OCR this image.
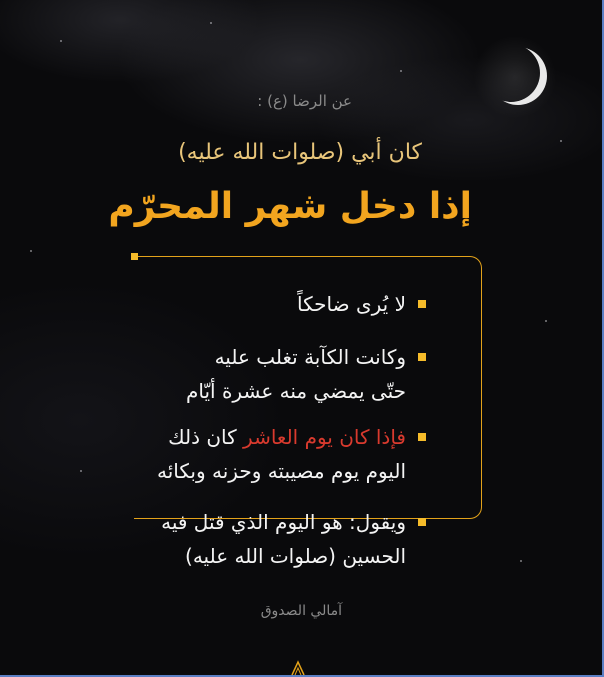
عن الرضا (ع) :
كان أبي (صلوات الله عليه)
إذا دخل شهر المحرّم
لا يُرى ضاحكاً
وكانت الكآبة تغلب عليه
حتّى يمضي منه عشرة أيّام
فإذا كان يوم العاشر كان ذلك
اليوم يوم مصيبته وحزنه وبكائه
ويقول: هو اليوم الذي قتل فيه
الحسين (صلوات الله عليه)
آمالي الصدوق
